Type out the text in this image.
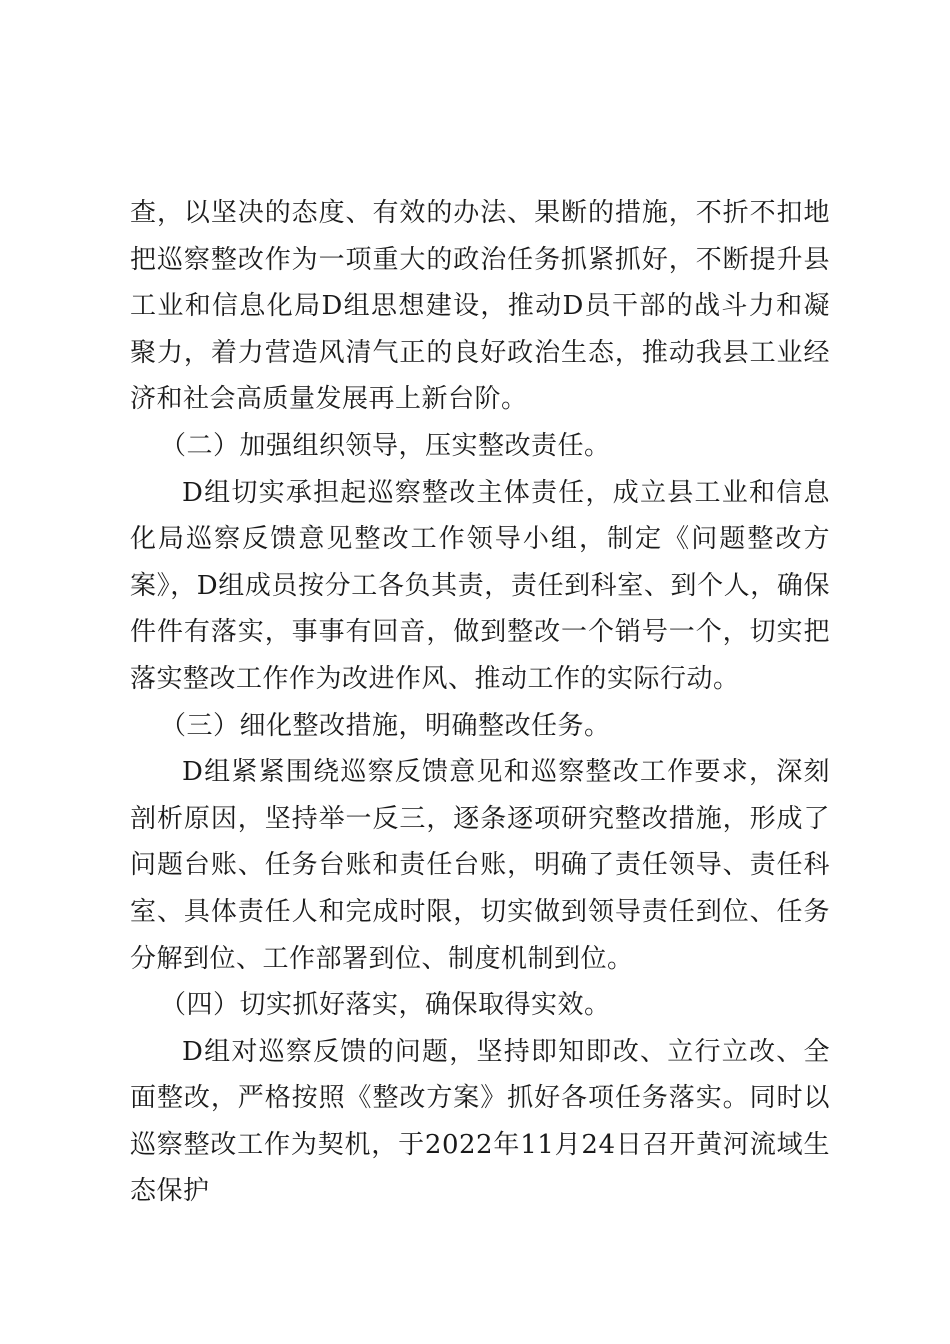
查，以坚决的态度、有效的办法、果断的措施，不折不扣地把巡察整改作为一项重大的政治任务抓紧抓好，不断提升县工业和信息化局D组思想建设，推动D员干部的战斗力和凝聚力，着力营造风清气正的良好政治生态，推动我县工业经济和社会高质量发展再上新台阶。

（二）加强组织领导，压实整改责任。

D组切实承担起巡察整改主体责任，成立县工业和信息化局巡察反馈意见整改工作领导小组，制定《问题整改方案》，D组成员按分工各负其责，责任到科室、到个人，确保件件有落实，事事有回音，做到整改一个销号一个，切实把落实整改工作作为改进作风、推动工作的实际行动。

（三）细化整改措施，明确整改任务。

D组紧紧围绕巡察反馈意见和巡察整改工作要求，深刻剖析原因，坚持举一反三，逐条逐项研究整改措施，形成了问题台账、任务台账和责任台账，明确了责任领导、责任科室、具体责任人和完成时限，切实做到领导责任到位、任务分解到位、工作部署到位、制度机制到位。

（四）切实抓好落实，确保取得实效。

D组对巡察反馈的问题，坚持即知即改、立行立改、全面整改，严格按照《整改方案》抓好各项任务落实。同时以巡察整改工作为契机，于2022年11月24日召开黄河流域生态保护
